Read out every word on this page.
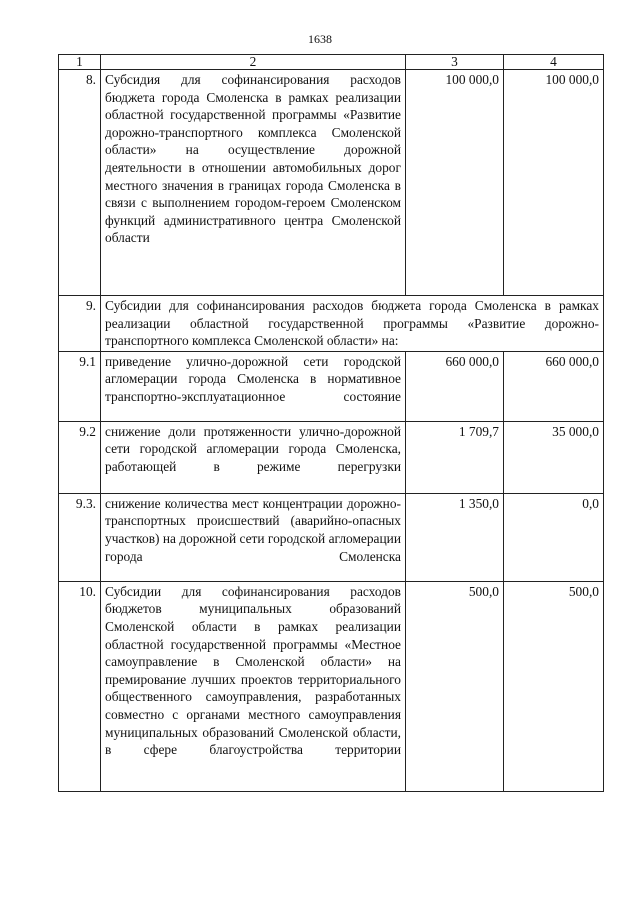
1638
1	2	3	4
8.	Субсидия для софинансирования расходов бюджета города Смоленска в рамках реализации областной государственной программы «Развитие дорожно-транспортного комплекса Смоленской области» на осуществление дорожной деятельности в отношении автомобильных дорог местного значения в границах города Смоленска в связи с выполнением городом-героем Смоленском функций административного центра Смоленской области	100 000,0	100 000,0
9.	Субсидии для софинансирования расходов бюджета города Смоленска в рамках реализации областной государственной программы «Развитие дорожно-транспортного комплекса Смоленской области» на:		
9.1	приведение улично-дорожной сети городской агломерации города Смоленска в нормативное транспортно-эксплуатационное состояние	660 000,0	660 000,0
9.2	снижение доли протяженности улично-дорожной сети городской агломерации города Смоленска, работающей в режиме перегрузки	1 709,7	35 000,0
9.3.	снижение количества мест концентрации дорожно-транспортных происшествий (аварийно-опасных участков) на дорожной сети городской агломерации города Смоленска	1 350,0	0,0
10.	Субсидии для софинансирования расходов бюджетов муниципальных образований Смоленской области в рамках реализации областной государственной программы «Местное самоуправление в Смоленской области» на премирование лучших проектов территориального общественного самоуправления, разработанных совместно с органами местного самоуправления муниципальных образований Смоленской области, в сфере благоустройства территории	500,0	500,0
